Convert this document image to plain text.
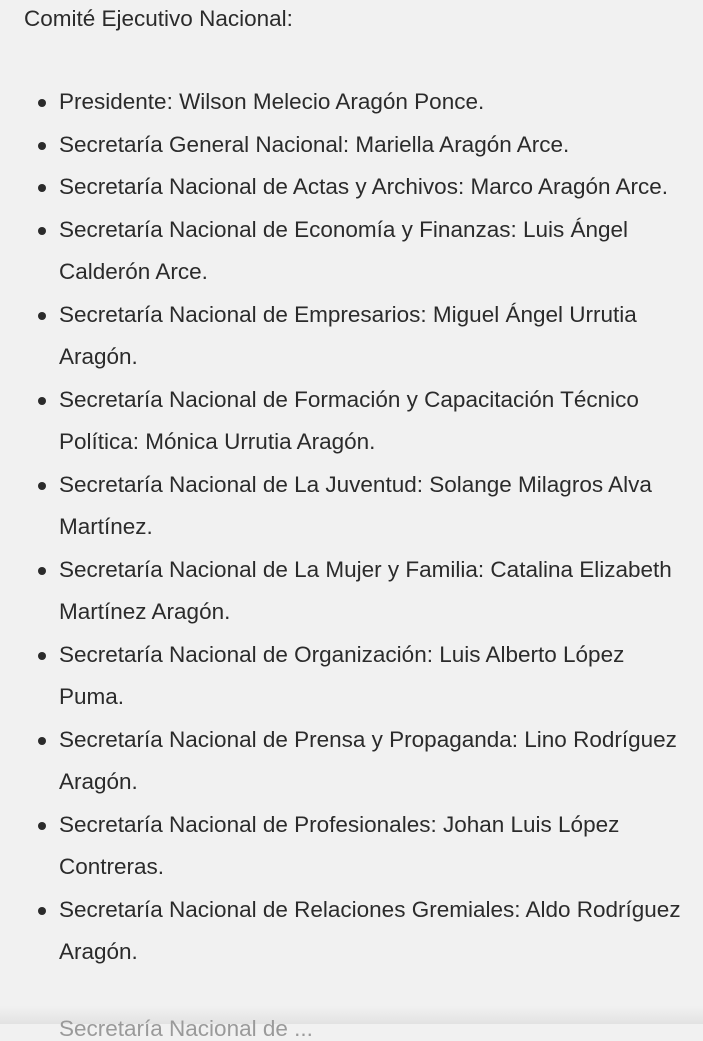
Comité Ejecutivo Nacional:

Presidente: Wilson Melecio Aragón Ponce.
Secretaría General Nacional: Mariella Aragón Arce.
Secretaría Nacional de Actas y Archivos: Marco Aragón Arce.
Secretaría Nacional de Economía y Finanzas: Luis Ángel Calderón Arce.
Secretaría Nacional de Empresarios: Miguel Ángel Urrutia Aragón.
Secretaría Nacional de Formación y Capacitación Técnico Política: Mónica Urrutia Aragón.
Secretaría Nacional de La Juventud: Solange Milagros Alva Martínez.
Secretaría Nacional de La Mujer y Familia: Catalina Elizabeth Martínez Aragón.
Secretaría Nacional de Organización: Luis Alberto López Puma.
Secretaría Nacional de Prensa y Propaganda: Lino Rodríguez Aragón.
Secretaría Nacional de Profesionales: Johan Luis López Contreras.
Secretaría Nacional de Relaciones Gremiales: Aldo Rodríguez Aragón.
Secretaría Nacional de ...
